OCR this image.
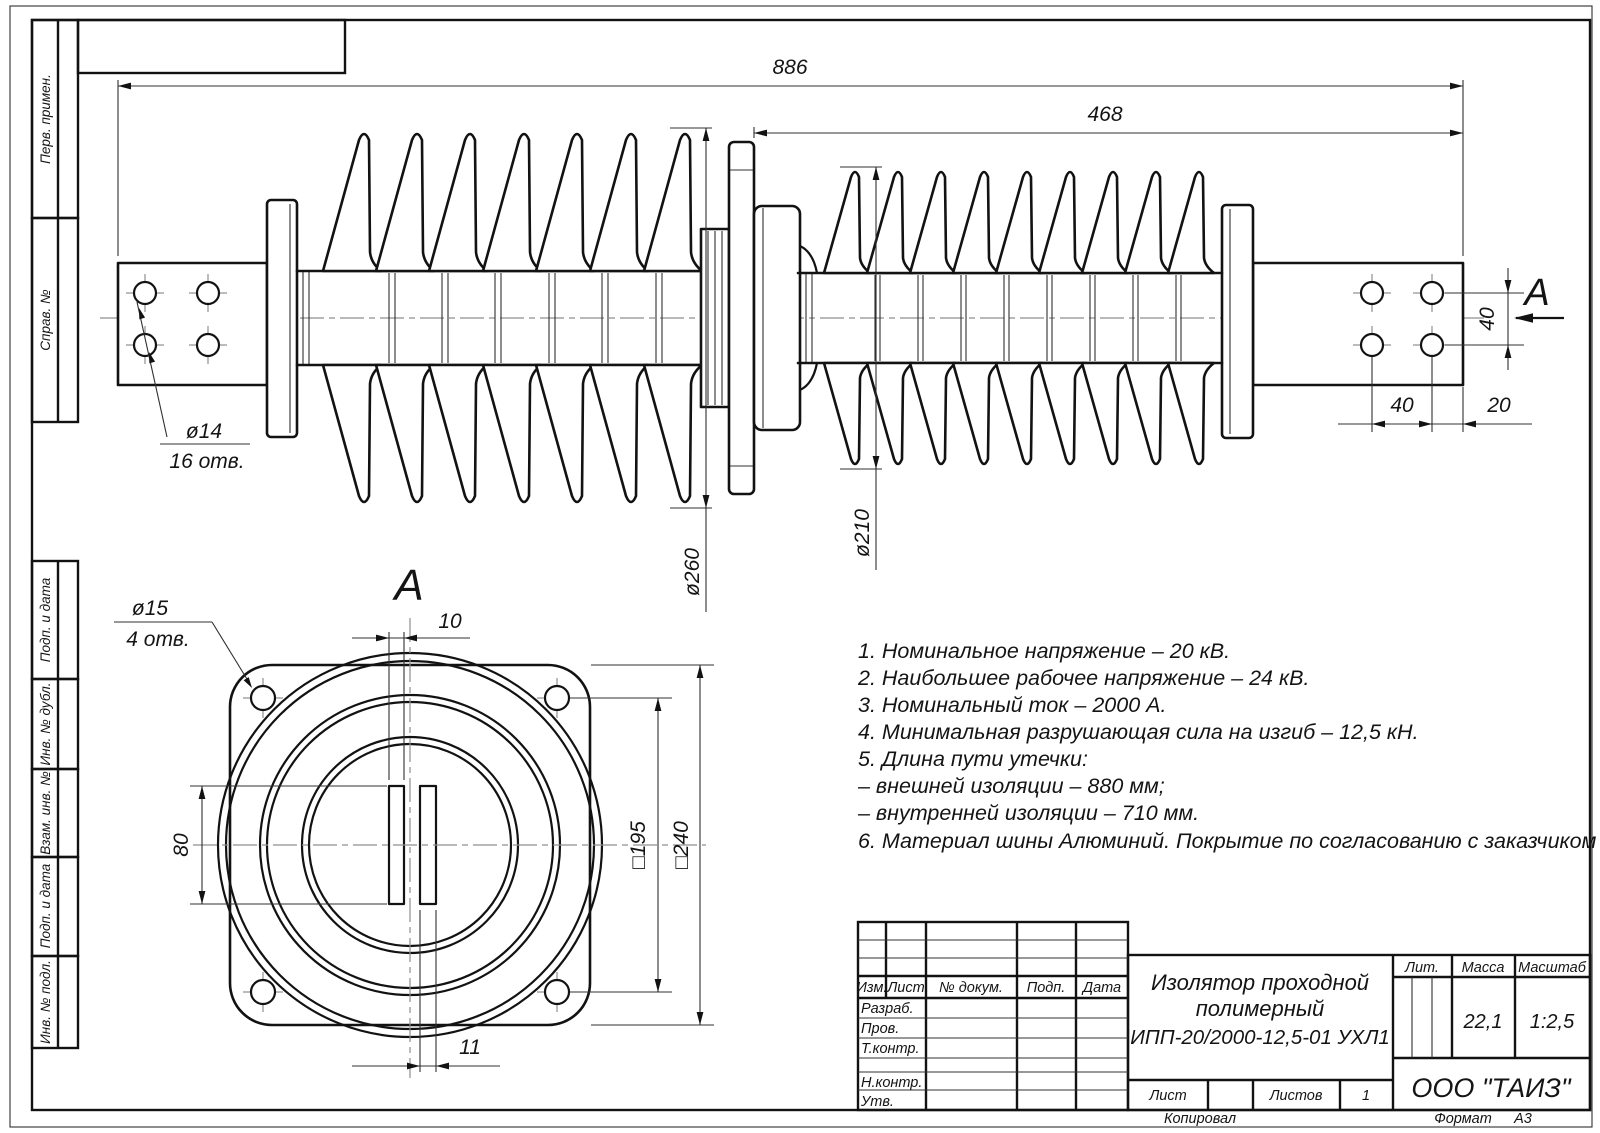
Перв. примен.
Справ. №
Подп. и дата
Инв. № дубл.
Взам. инв. №
Подп. и дата
Инв. № подл.
886
468
ø260
ø210
ø14
16 отв.
40
40	20
A
A
ø15
4 отв.
10
11
80	□195 □240
1. Номинальное напряжение – 20 кВ.
2. Наибольшее рабочее напряжение – 24 кВ.
3. Номинальный ток – 2000 А.
4. Минимальная разрушающая сила на изгиб – 12,5 кН.
5. Длина пути утечки:
– внешней изоляции – 880 мм;
– внутренней изоляции – 710 мм.
6. Материал шины Алюминий. Покрытие по согласованию с заказчиком
Изм. Лист № докум. Подп. Дата
Разраб.
Пров.
Т.контр.
Н.контр.
Утв.
Изолятор проходной
полимерный
ИПП-20/2000-12,5-01 УХЛ1
Лит. Масса Масштаб
22,1 1:2,5
Лист	Листов	1 ООО "ТАИЗ"
Копировал	Формат А3
